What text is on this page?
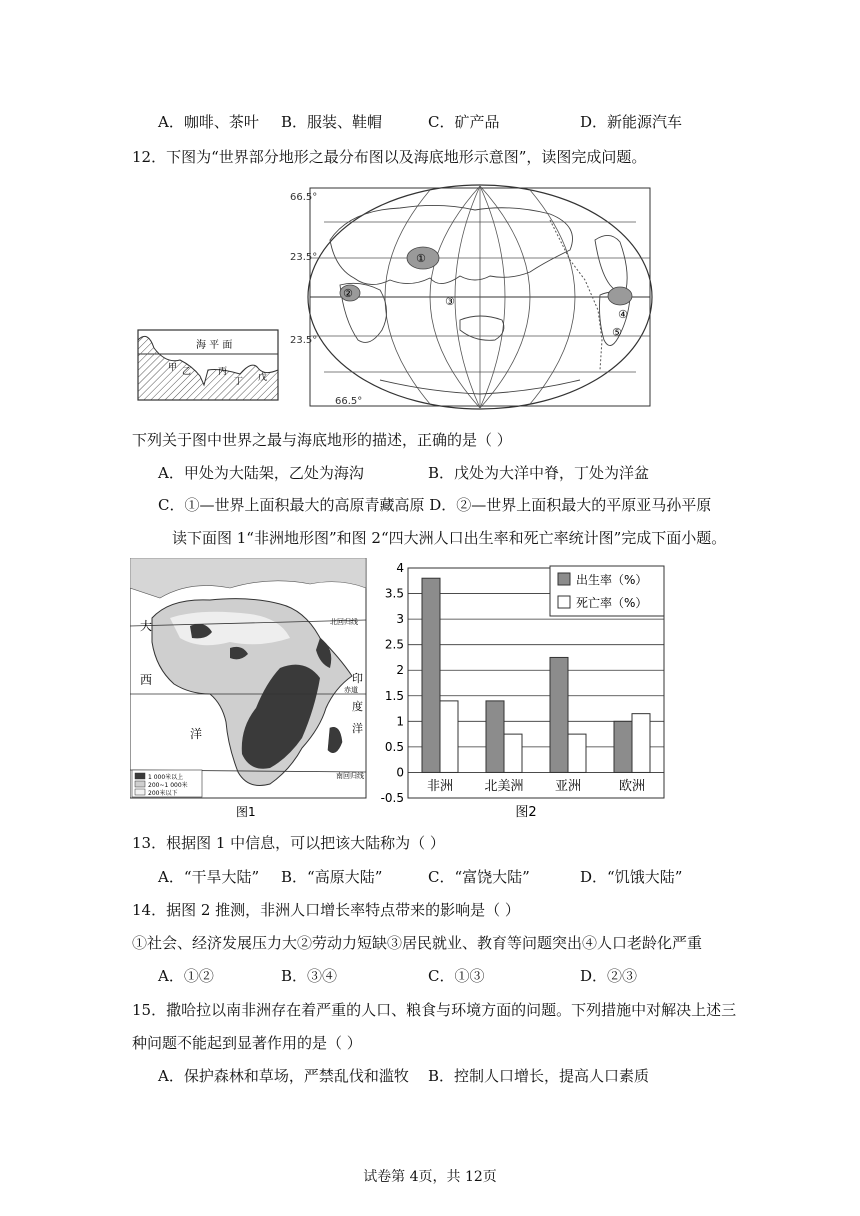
A．咖啡、茶叶 B．服装、鞋帽	C．矿产品	D．新能源汽车
12．下图为“世界部分地形之最分布图以及海底地形示意图”，读图完成问题。
66.5°
23.5°
23.5°
66.5°
①
②
③
④
⑤
海 平 面
甲 乙	丙
丁 戊
下列关于图中世界之最与海底地形的描述，正确的是（ ）
A．甲处为大陆架，乙处为海沟	B．戊处为大洋中脊，丁处为洋盆
C．①—世界上面积最大的高原青藏高原 D．②—世界上面积最大的平原亚马孙平原
读下面图 1“非洲地形图”和图 2“四大洲人口出生率和死亡率统计图”完成下面小题。
大
西
洋
印
度
洋
北回归线
赤道
南回归线
1 000米以上
200~1 000米
200米以下
图1
4
3.5
3
2.5
2
1.5
1
0.5
0
-0.5
非洲 北美洲 亚洲	欧洲
出生率（%）
死亡率（%）
图2
13．根据图 1 中信息，可以把该大陆称为（ ）
A．“干旱大陆” B．“高原大陆”	C．“富饶大陆”	D．“饥饿大陆”
14．据图 2 推测，非洲人口增长率特点带来的影响是（ ）
①社会、经济发展压力大②劳动力短缺③居民就业、教育等问题突出④人口老龄化严重
A．①②	B．③④	C．①③	D．②③
15．撒哈拉以南非洲存在着严重的人口、粮食与环境方面的问题。下列措施中对解决上述三
种问题不能起到显著作用的是（ ）
A．保护森林和草场，严禁乱伐和滥牧 B．控制人口增长，提高人口素质
试卷第 4页，共 12页
